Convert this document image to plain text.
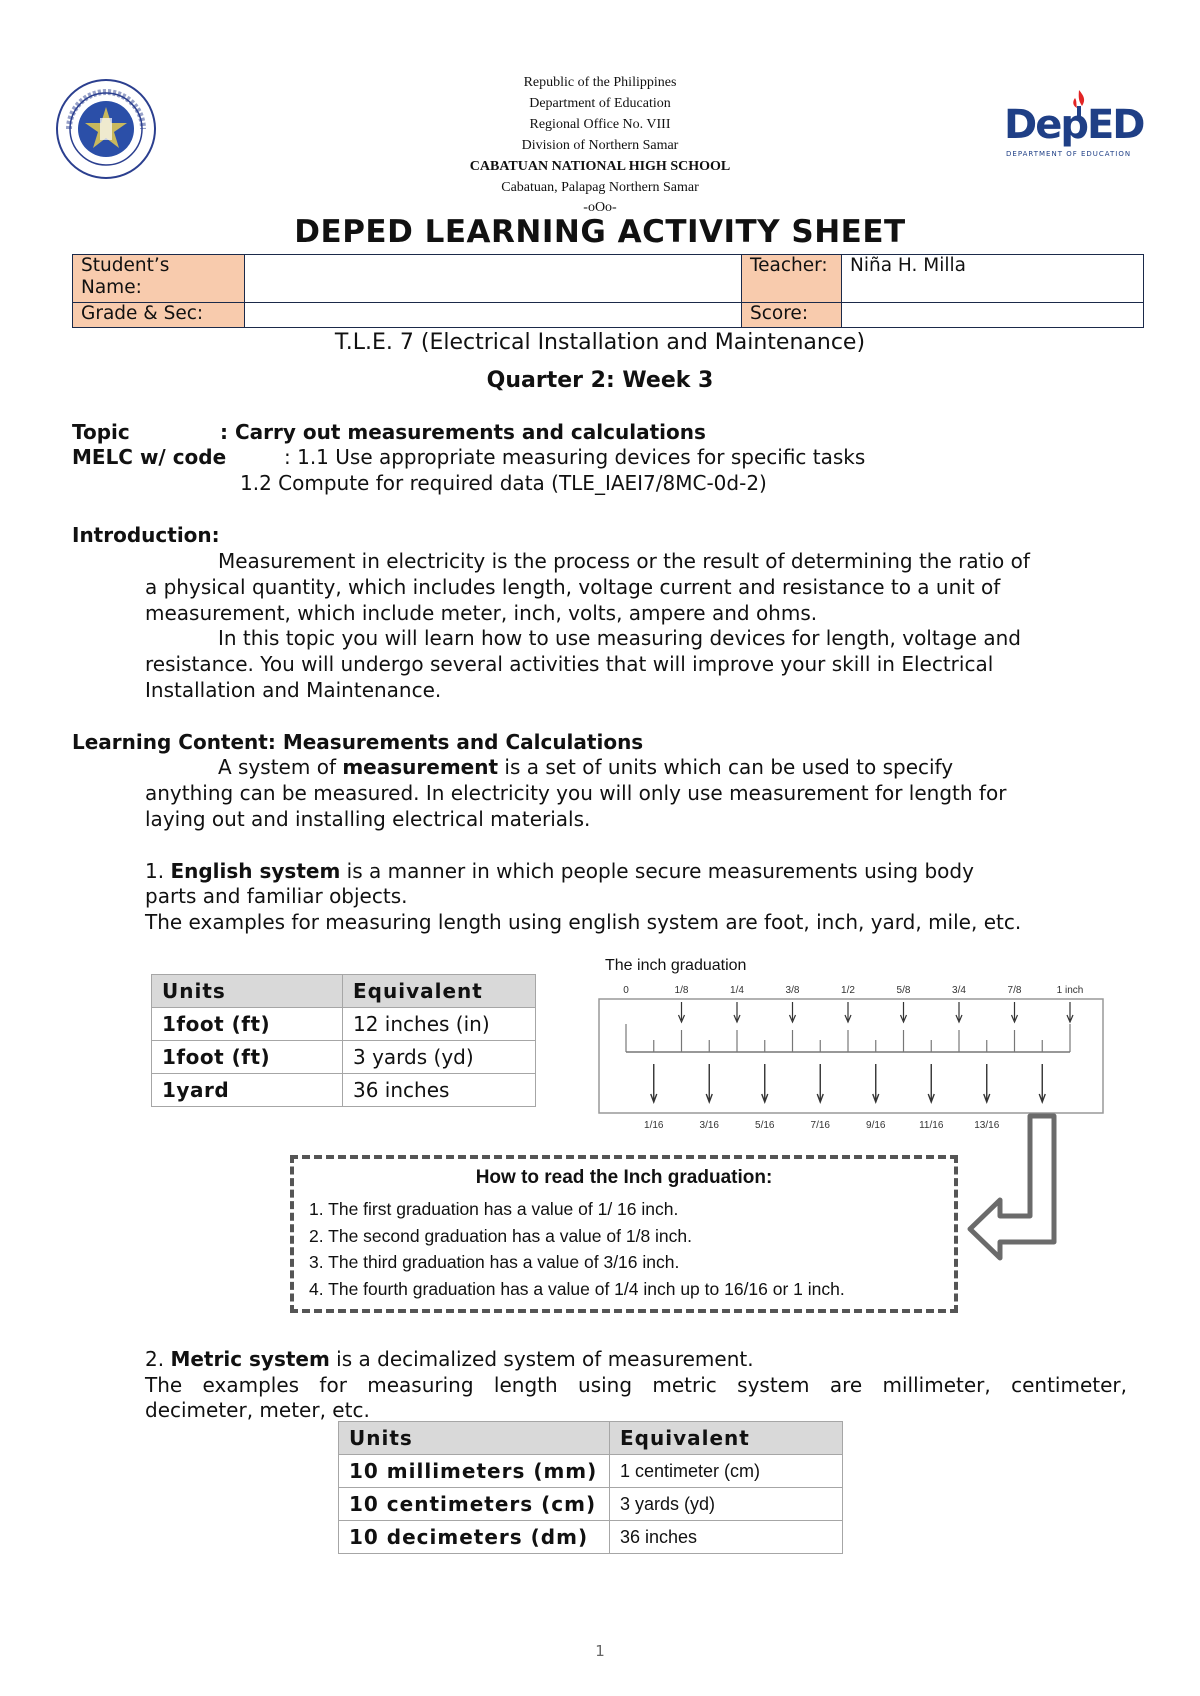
DepED
DEPARTMENT OF EDUCATION
Republic of the Philippines
Department of Education
Regional Office No. VIII
Division of Northern Samar
CABATUAN NATIONAL HIGH SCHOOL
Cabatuan, Palapag Northern Samar
-oOo-
DEPED LEARNING ACTIVITY SHEET
Student’s Name:		Teacher:	Niña H. Milla
Grade & Sec:		Score:	
T.L.E. 7 (Electrical Installation and Maintenance)
Quarter 2: Week 3
Topic	: Carry out measurements and calculations
MELC w/ code	: 1.1 Use appropriate measuring devices for specific tasks
1.2 Compute for required data (TLE_IAEI7/8MC-0d-2)
Introduction:
Measurement in electricity is the process or the result of determining the ratio of
a physical quantity, which includes length, voltage current and resistance to a unit of
measurement, which include meter, inch, volts, ampere and ohms.
In this topic you will learn how to use measuring devices for length, voltage and
resistance. You will undergo several activities that will improve your skill in Electrical
Installation and Maintenance.
Learning Content: Measurements and Calculations
A system of measurement is a set of units which can be used to specify
anything can be measured. In electricity you will only use measurement for length for
laying out and installing electrical materials.
1. English system is a manner in which people secure measurements using body
parts and familiar objects.
The examples for measuring length using english system are foot, inch, yard, mile, etc.
Units	Equivalent
1foot (ft)	12 inches (in)
1foot (ft)	3 yards (yd)
1yard	36 inches
The inch graduation
0	1/8	1/4	3/8	1/2	5/8	3/4	7/8	1 inch
1/16	3/16	5/16	7/16	9/16	11/16	13/16
How to read the Inch graduation:
1. The first graduation has a value of 1/ 16 inch.
2. The second graduation has a value of 1/8 inch.
3. The third graduation has a value of 3/16 inch.
4. The fourth graduation has a value of 1/4 inch up to 16/16 or 1 inch.
2. Metric system is a decimalized system of measurement.
The examples for measuring length using metric system are millimeter, centimeter,
decimeter, meter, etc.
Units	Equivalent
10 millimeters (mm)	1 centimeter (cm)
10 centimeters (cm)	3 yards (yd)
10 decimeters (dm)	36 inches
1
